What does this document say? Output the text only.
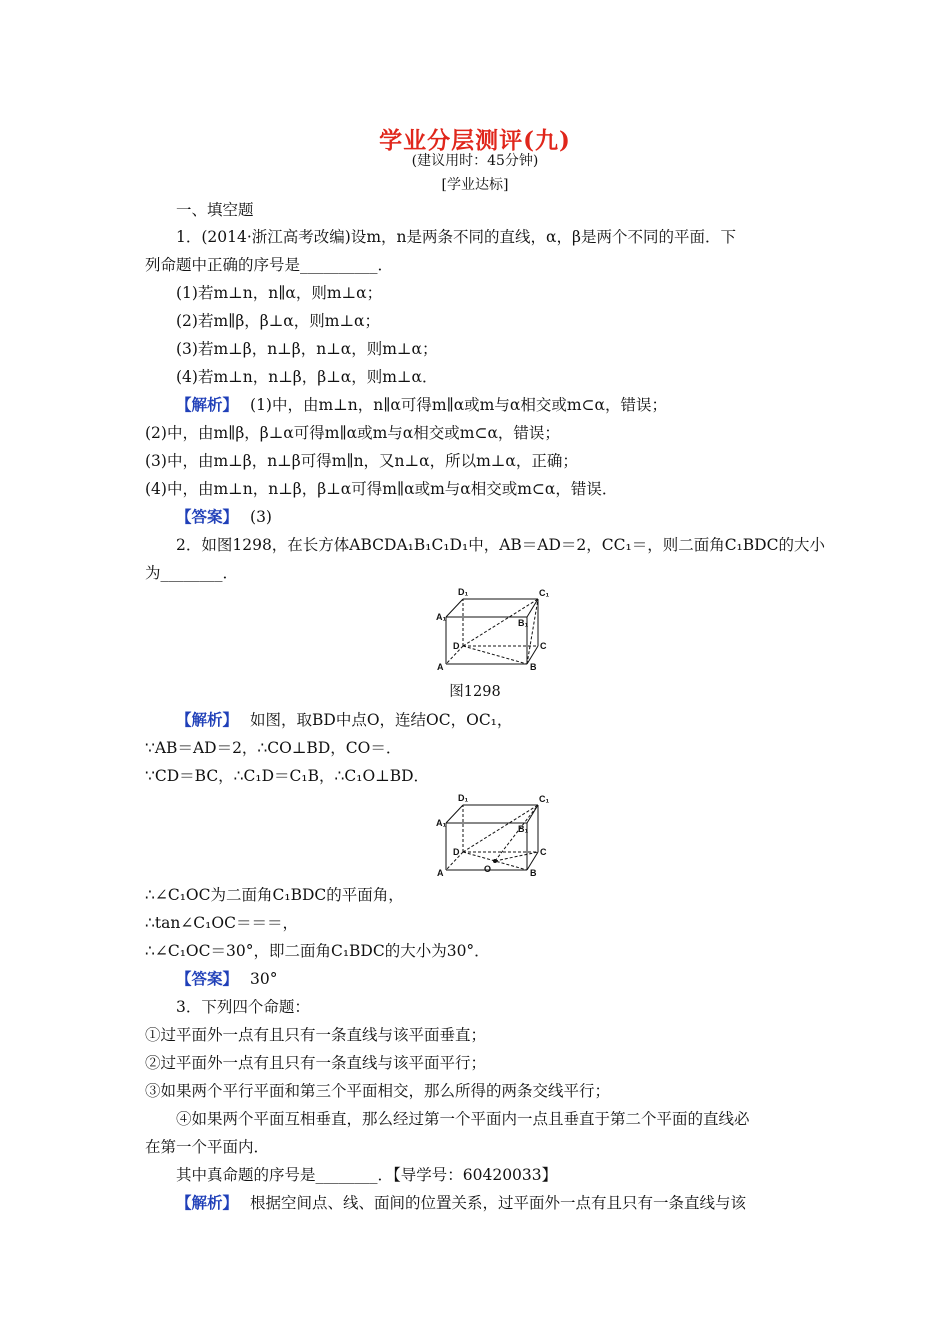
学业分层测评(九)
(建议用时：45分钟)
[学业达标]
一、填空题
1．(2014·浙江高考改编)设m，n是两条不同的直线，α，β是两个不同的平面．下
列命题中正确的序号是__________．
(1)若m⊥n，n∥α，则m⊥α；
(2)若m∥β，β⊥α，则m⊥α；
(3)若m⊥β，n⊥β，n⊥α，则m⊥α；
(4)若m⊥n，n⊥β，β⊥α，则m⊥α．
【解析】 (1)中，由m⊥n，n∥α可得m∥α或m与α相交或m⊂α，错误；
(2)中，由m∥β，β⊥α可得m∥α或m与α相交或m⊂α，错误；
(3)中，由m⊥β，n⊥β可得m∥n，又n⊥α，所以m⊥α，正确；
(4)中，由m⊥n，n⊥β，β⊥α可得m∥α或m与α相交或m⊂α，错误．
【答案】 (3)
2．如图1298，在长方体ABCDA₁B₁C₁D₁中，AB＝AD＝2，CC₁＝，则二面角C₁BDC的大小
为________．
D₁	C₁
A₁
B₁
D	C
A	B
图1298
【解析】 如图，取BD中点O，连结OC，OC₁，
∵AB＝AD＝2，∴CO⊥BD，CO＝．
∵CD＝BC，∴C₁D＝C₁B，∴C₁O⊥BD．
D₁	C₁
A₁
B₁
D	C
A	B
O
∴∠C₁OC为二面角C₁BDC的平面角，
∴tan∠C₁OC＝＝＝，
∴∠C₁OC＝30°，即二面角C₁BDC的大小为30°．
【答案】 30°
3．下列四个命题：
①过平面外一点有且只有一条直线与该平面垂直；
②过平面外一点有且只有一条直线与该平面平行；
③如果两个平行平面和第三个平面相交，那么所得的两条交线平行；
④如果两个平面互相垂直，那么经过第一个平面内一点且垂直于第二个平面的直线必
在第一个平面内．
其中真命题的序号是________．【导学号：60420033】
【解析】 根据空间点、线、面间的位置关系，过平面外一点有且只有一条直线与该
